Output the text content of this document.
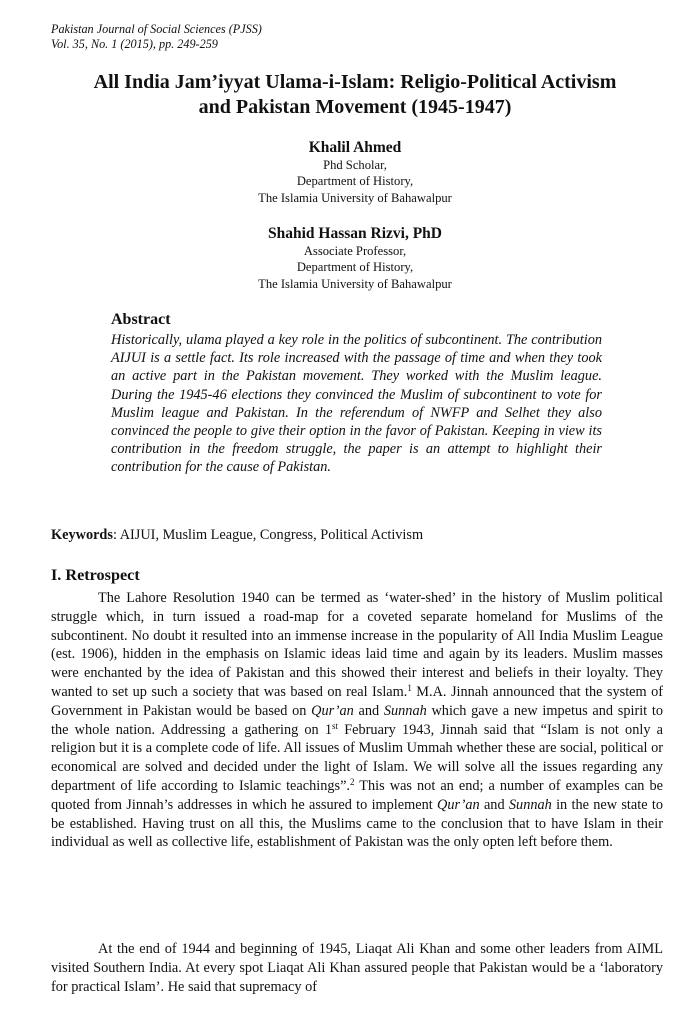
Pakistan Journal of Social Sciences (PJSS)
Vol. 35, No. 1 (2015), pp. 249-259
All India Jam’iyyat Ulama-i-Islam: Religio-Political Activism
and Pakistan Movement (1945-1947)
Khalil Ahmed
Phd Scholar,
Department of History,
The Islamia University of Bahawalpur
Shahid Hassan Rizvi, PhD
Associate Professor,
Department of History,
The Islamia University of Bahawalpur
Abstract
Historically, ulama played a key role in the politics of subcontinent. The contribution AIJUI is a settle fact. Its role increased with the passage of time and when they took an active part in the Pakistan movement. They worked with the Muslim league. During the 1945-46 elections they convinced the Muslim of subcontinent to vote for Muslim league and Pakistan. In the referendum of NWFP and Selhet they also convinced the people to give their option in the favor of Pakistan. Keeping in view its contribution in the freedom struggle, the paper is an attempt to highlight their contribution for the cause of Pakistan.
Keywords: AIJUI, Muslim League, Congress, Political Activism
I. Retrospect
The Lahore Resolution 1940 can be termed as ‘water-shed’ in the history of Muslim political struggle which, in turn issued a road-map for a coveted separate homeland for Muslims of the subcontinent. No doubt it resulted into an immense increase in the popularity of All India Muslim League (est. 1906), hidden in the emphasis on Islamic ideas laid time and again by its leaders. Muslim masses were enchanted by the idea of Pakistan and this showed their interest and beliefs in their loyalty. They wanted to set up such a society that was based on real Islam.$^1$ M.A. Jinnah announced that the system of Government in Pakistan would be based on Qur’an and Sunnah which gave a new impetus and spirit to the whole nation. Addressing a gathering on 1st February 1943, Jinnah said that “Islam is not only a religion but it is a complete code of life. All issues of Muslim Ummah whether these are social, political or economical are solved and decided under the light of Islam. We will solve all the issues regarding any department of life according to Islamic teachings”.$^2$ This was not an end; a number of examples can be quoted from Jinnah’s addresses in which he assured to implement Qur’an and Sunnah in the new state to be established. Having trust on all this, the Muslims came to the conclusion that to have Islam in their individual as well as collective life, establishment of Pakistan was the only opten left before them.
At the end of 1944 and beginning of 1945, Liaqat Ali Khan and some other leaders from AIML visited Southern India. At every spot Liaqat Ali Khan assured people that Pakistan would be a ‘laboratory for practical Islam’. He said that supremacy of
